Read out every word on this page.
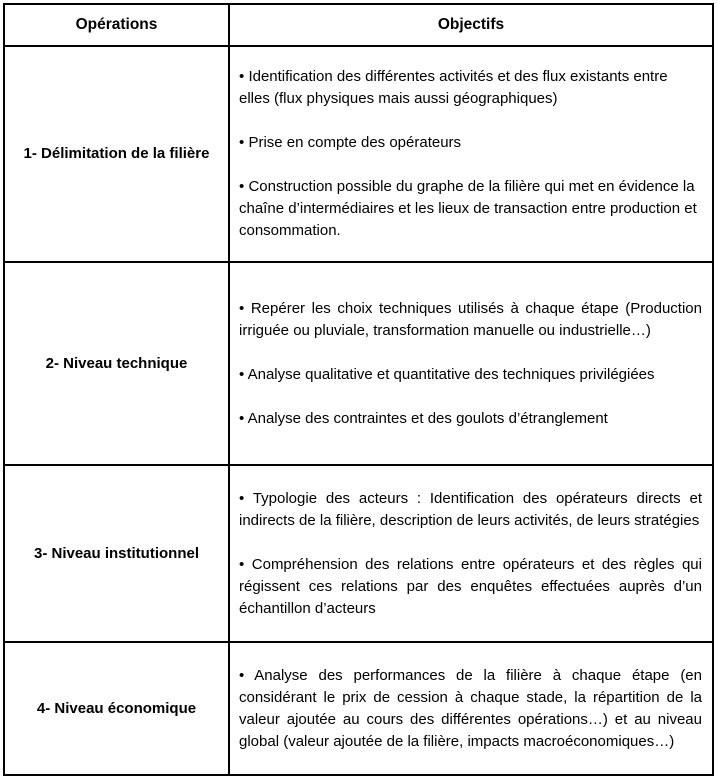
Opérations	Objectifs
1- Délimitation de la filière

• Identification des différentes activités et des flux existants entre elles (flux physiques mais aussi géographiques)

• Prise en compte des opérateurs

• Construction possible du graphe de la filière qui met en évidence la chaîne d’intermédiaires et les lieux de transaction entre production et consommation.

2- Niveau technique

• Repérer les choix techniques utilisés à chaque étape (Production irriguée ou pluviale, transformation manuelle ou industrielle…)

• Analyse qualitative et quantitative des techniques privilégiées

• Analyse des contraintes et des goulots d’étranglement

3- Niveau institutionnel

• Typologie des acteurs : Identification des opérateurs directs et indirects de la filière, description de leurs activités, de leurs stratégies

• Compréhension des relations entre opérateurs et des règles qui régissent ces relations par des enquêtes effectuées auprès d’un échantillon d’acteurs

4- Niveau économique

• Analyse des performances de la filière à chaque étape (en considérant le prix de cession à chaque stade, la répartition de la valeur ajoutée au cours des différentes opérations…) et au niveau global (valeur ajoutée de la filière, impacts macroéconomiques…)
